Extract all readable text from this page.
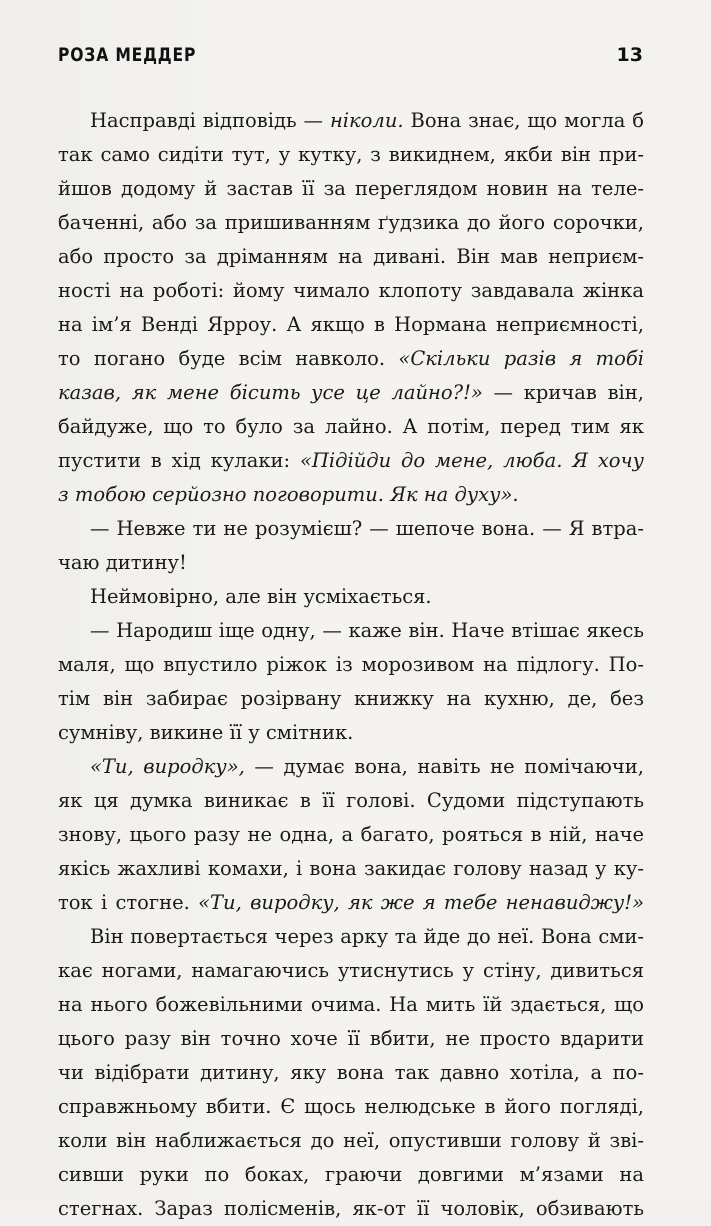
РОЗА МЕДДЕР	13
Насправді відповідь — ніколи. Вона знає, що могла б
так само сидіти тут, у кутку, з викиднем, якби він при-
йшов додому й застав її за переглядом новин на теле-
баченні, або за пришиванням ґудзика до його сорочки,
або просто за дріманням на дивані. Він мав неприєм-
ності на роботі: йому чимало клопоту завдавала жінка
на ім’я Венді Ярроу. А якщо в Нормана неприємності,
то погано буде всім навколо. «Скільки разів я тобі
казав, як мене бісить усе це лайно?!» — кричав він,
байдуже, що то було за лайно. А потім, перед тим як
пустити в хід кулаки: «Підійди до мене, люба. Я хочу
з тобою серйозно поговорити. Як на духу».
— Невже ти не розумієш? — шепоче вона. — Я втра-
чаю дитину!
Неймовірно, але він усміхається.
— Народиш іще одну, — каже він. Наче втішає якесь
маля, що впустило ріжок із морозивом на підлогу. По-
тім він забирає розірвану книжку на кухню, де, без
сумніву, викине її у смітник.
«Ти, виродку», — думає вона, навіть не помічаючи,
як ця думка виникає в її голові. Судоми підступають
знову, цього разу не одна, а багато, рояться в ній, наче
якісь жахливі комахи, і вона закидає голову назад у ку-
ток і стогне. «Ти, виродку, як же я тебе ненавиджу!»
Він повертається через арку та йде до неї. Вона сми-
кає ногами, намагаючись утиснутись у стіну, дивиться
на нього божевільними очима. На мить їй здається, що
цього разу він точно хоче її вбити, не просто вдарити
чи відібрати дитину, яку вона так давно хотіла, а по-
справжньому вбити. Є щось нелюдське в його погляді,
коли він наближається до неї, опустивши голову й зві-
сивши руки по боках, граючи довгими м’язами на
стегнах. Зараз полісменів, як-от її чоловік, обзивають
